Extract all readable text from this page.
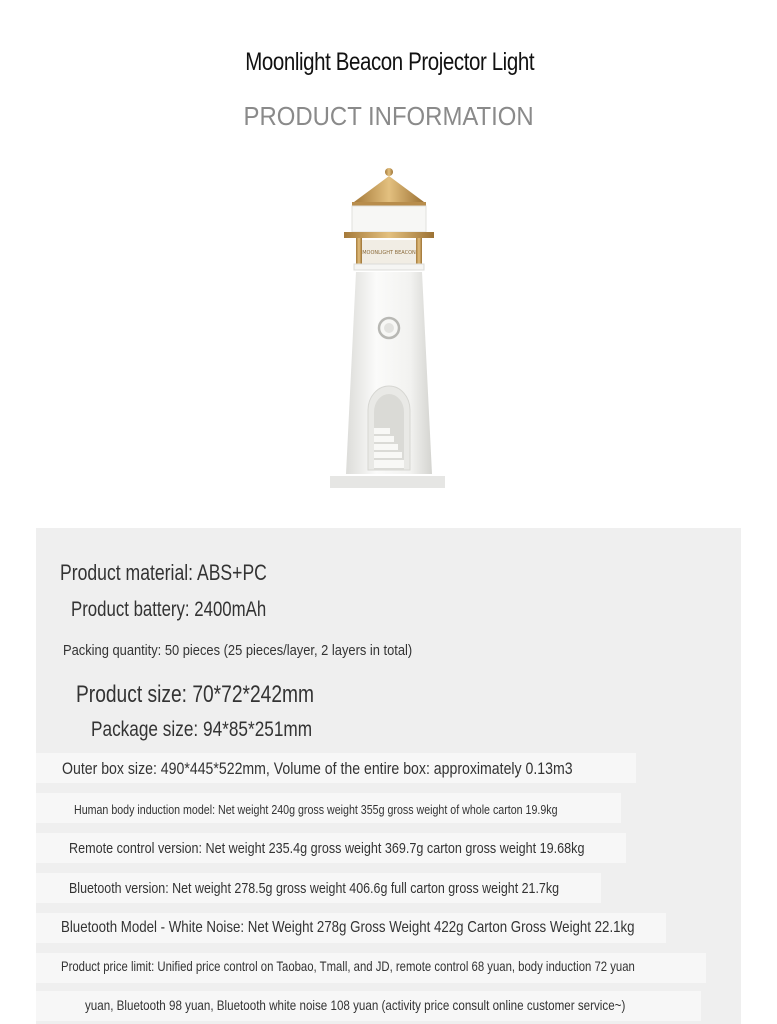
Moonlight Beacon Projector Light
PRODUCT INFORMATION
MOONLIGHT BEACON
Product material: ABS+PC
Product battery: 2400mAh
Packing quantity: 50 pieces (25 pieces/layer, 2 layers in total)
Product size: 70*72*242mm
Package size: 94*85*251mm
Outer box size: 490*445*522mm, Volume of the entire box: approximately 0.13m3
Human body induction model: Net weight 240g gross weight 355g gross weight of whole carton 19.9kg
Remote control version: Net weight 235.4g gross weight 369.7g carton gross weight 19.68kg
Bluetooth version: Net weight 278.5g gross weight 406.6g full carton gross weight 21.7kg
Bluetooth Model - White Noise: Net Weight 278g Gross Weight 422g Carton Gross Weight 22.1kg
Product price limit: Unified price control on Taobao, Tmall, and JD, remote control 68 yuan, body induction 72 yuan
yuan, Bluetooth 98 yuan, Bluetooth white noise 108 yuan (activity price consult online customer service~)
